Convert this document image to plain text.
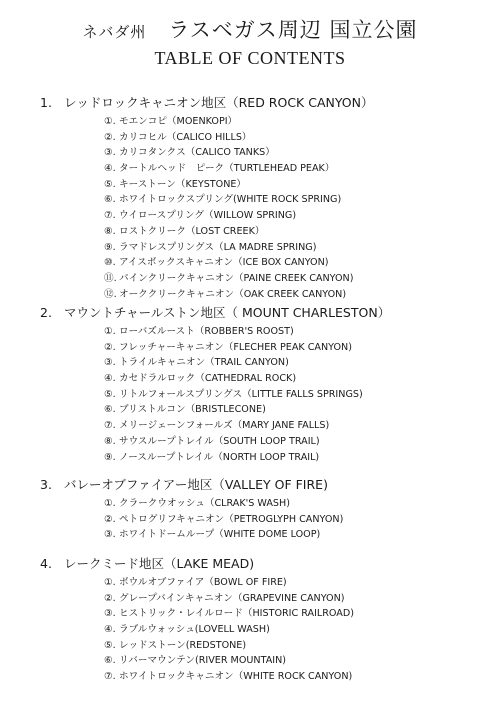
ネバダ州 ラスベガス周辺 国立公園
TABLE OF CONTENTS
1. レッドロックキャニオン地区（RED ROCK CANYON）
①. モエンコピ（MOENKOPI）
②. カリコヒル（CALICO HILLS）
③. カリコタンクス（CALICO TANKS）
④. タートルヘッド　ピーク（TURTLEHEAD PEAK）
⑤. キーストーン（KEYSTONE）
⑥. ホワイトロックスプリング(WHITE ROCK SPRING)
⑦. ウイロースプリング（WILLOW SPRING)
⑧. ロストクリーク（LOST CREEK）
⑨. ラマドレスプリングス（LA MADRE SPRING)
⑩. アイスボックスキャニオン（ICE BOX CANYON)
⑪. パインクリークキャニオン（PAINE CREEK CANYON)
⑫. オーククリークキャニオン（OAK CREEK CANYON)
2. マウントチャールストン地区（ MOUNT CHARLESTON）
①. ローバズルースト（ROBBER'S ROOST)
②. フレッチャーキャニオン（FLECHER PEAK CANYON)
③. トライルキャニオン（TRAIL CANYON)
④. カセドラルロック（CATHEDRAL ROCK)
⑤. リトルフォールスプリングス（LITTLE FALLS SPRINGS)
⑥. ブリストルコン（BRISTLECONE)
⑦. メリージェーンフォールズ（MARY JANE FALLS)
⑧. サウスループトレイル（SOUTH LOOP TRAIL)
⑨. ノースループトレイル（NORTH LOOP TRAIL)
3. バレーオブファイアー地区（VALLEY OF FIRE)
①. クラークウオッシュ（CLRAK'S WASH)
②. ペトログリフキャニオン（PETROGLYPH CANYON)
③. ホワイトドームループ（WHITE DOME LOOP)
4. レークミード地区（LAKE MEAD)
①. ボウルオブファイア（BOWL OF FIRE)
②. グレープバインキャニオン（GRAPEVINE CANYON)
③. ヒストリック・レイルロード（HISTORIC RAILROAD)
④. ラブルウォッシュ(LOVELL WASH)
⑤. レッドストーン(REDSTONE)
⑥. リバーマウンテン(RIVER MOUNTAIN)
⑦. ホワイトロックキャニオン（WHITE ROCK CANYON)
